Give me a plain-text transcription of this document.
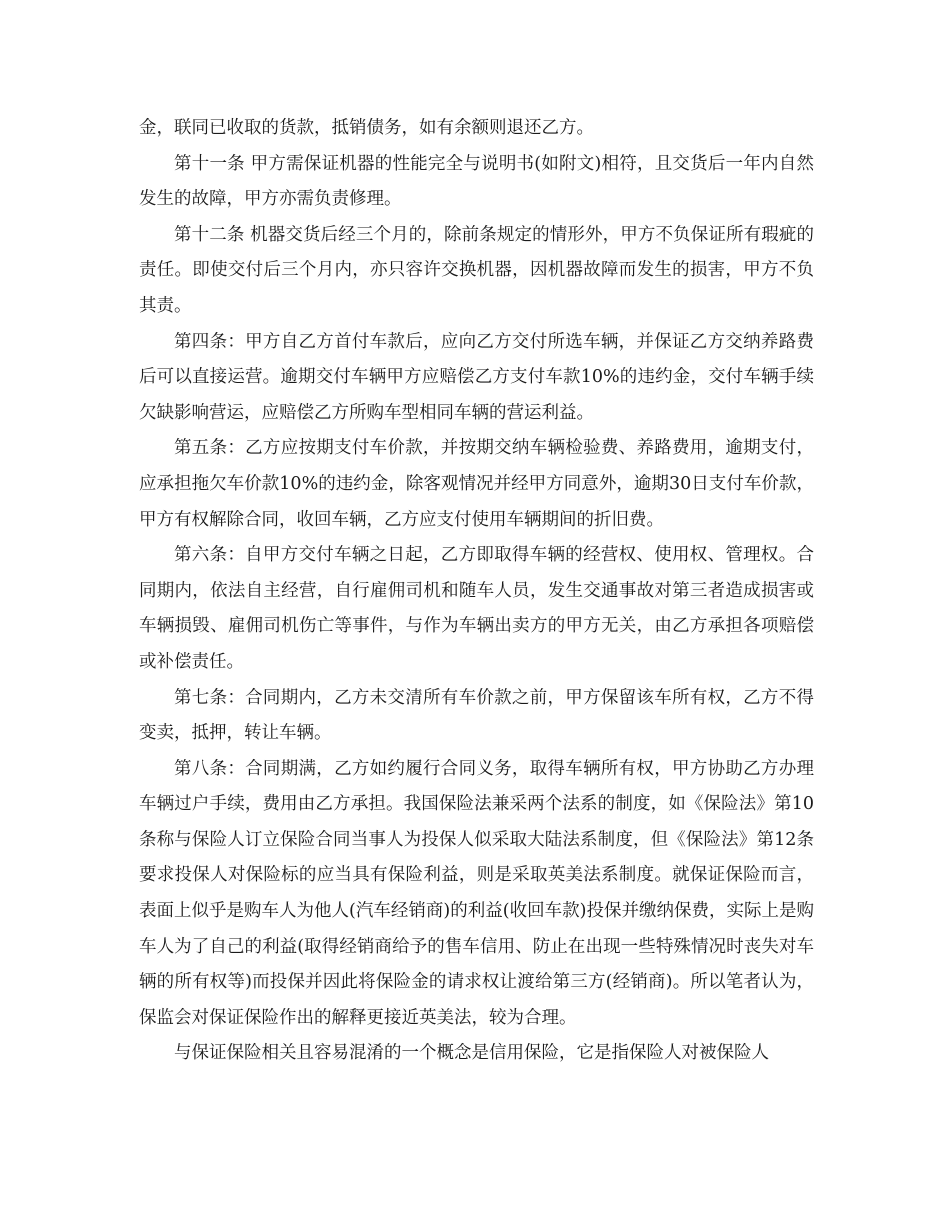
金，联同已收取的货款，抵销债务，如有余额则退还乙方。

第十一条 甲方需保证机器的性能完全与说明书(如附文)相符，且交货后一年内自然发生的故障，甲方亦需负责修理。

第十二条 机器交货后经三个月的，除前条规定的情形外，甲方不负保证所有瑕疵的责任。即使交付后三个月内，亦只容许交换机器，因机器故障而发生的损害，甲方不负其责。

第四条：甲方自乙方首付车款后，应向乙方交付所选车辆，并保证乙方交纳养路费后可以直接运营。逾期交付车辆甲方应赔偿乙方支付车款10%的违约金，交付车辆手续欠缺影响营运，应赔偿乙方所购车型相同车辆的营运利益。

第五条：乙方应按期支付车价款，并按期交纳车辆检验费、养路费用，逾期支付，应承担拖欠车价款10%的违约金，除客观情况并经甲方同意外，逾期30日支付车价款，甲方有权解除合同，收回车辆，乙方应支付使用车辆期间的折旧费。

第六条：自甲方交付车辆之日起，乙方即取得车辆的经营权、使用权、管理权。合同期内，依法自主经营，自行雇佣司机和随车人员，发生交通事故对第三者造成损害或车辆损毁、雇佣司机伤亡等事件，与作为车辆出卖方的甲方无关，由乙方承担各项赔偿或补偿责任。

第七条：合同期内，乙方未交清所有车价款之前，甲方保留该车所有权，乙方不得变卖，抵押，转让车辆。

第八条：合同期满，乙方如约履行合同义务，取得车辆所有权，甲方协助乙方办理车辆过户手续，费用由乙方承担。我国保险法兼采两个法系的制度，如《保险法》第10条称与保险人订立保险合同当事人为投保人似采取大陆法系制度，但《保险法》第12条要求投保人对保险标的应当具有保险利益，则是采取英美法系制度。就保证保险而言，表面上似乎是购车人为他人(汽车经销商)的利益(收回车款)投保并缴纳保费，实际上是购车人为了自己的利益(取得经销商给予的售车信用、防止在出现一些特殊情况时丧失对车辆的所有权等)而投保并因此将保险金的请求权让渡给第三方(经销商)。所以笔者认为，保监会对保证保险作出的解释更接近英美法，较为合理。

与保证保险相关且容易混淆的一个概念是信用保险，它是指保险人对被保险人
